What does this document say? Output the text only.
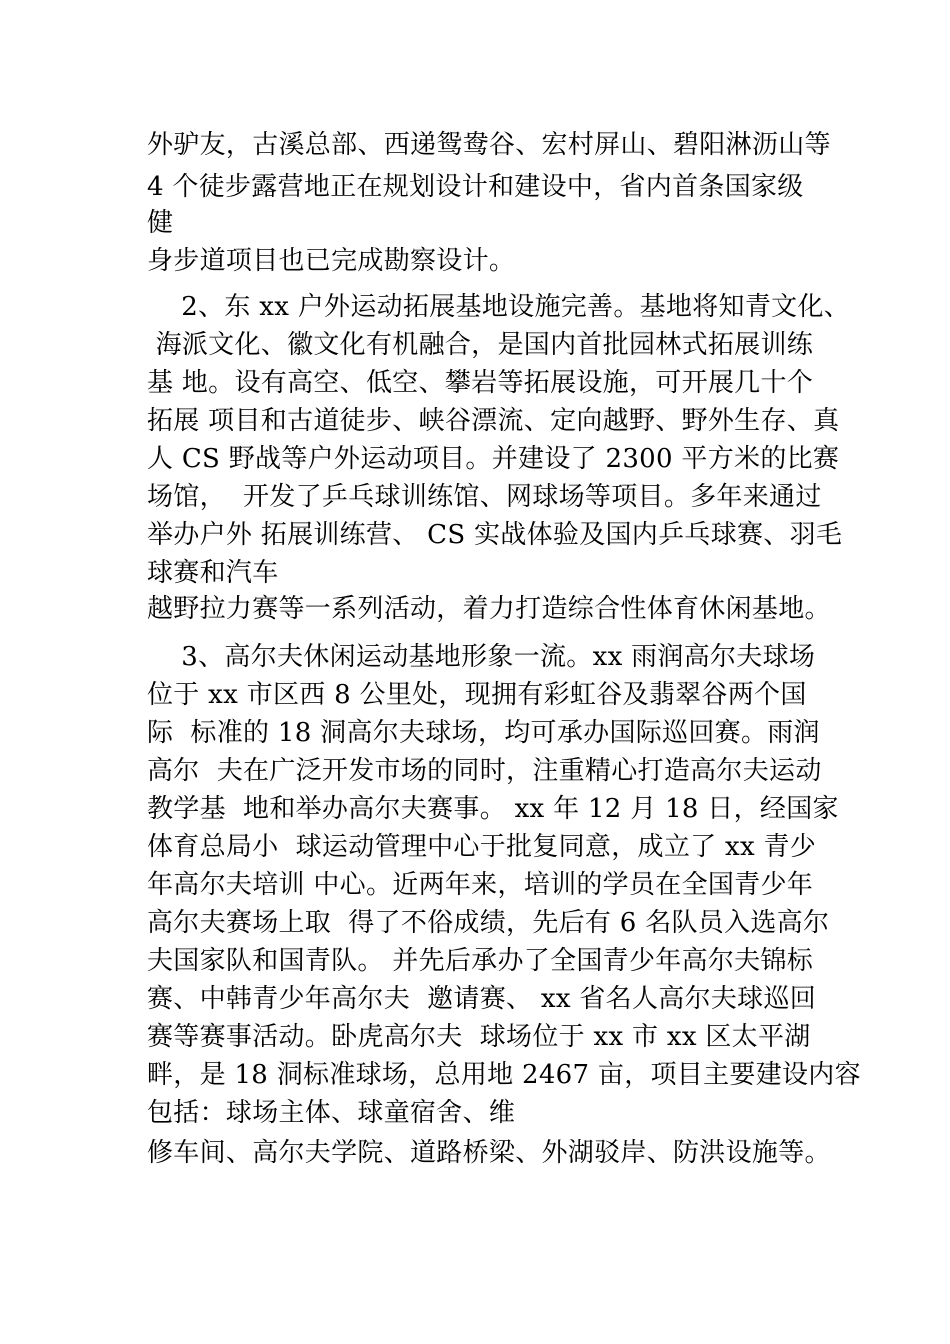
外驴友，古溪总部、西递鸳鸯谷、宏村屏山、碧阳淋沥山等
4 个徒步露营地正在规划设计和建设中，省内首条国家级
健
身步道项目也已完成勘察设计。
2、东 xx 户外运动拓展基地设施完善。基地将知青文化、
海派文化、徽文化有机融合，是国内首批园林式拓展训练
基 地。设有高空、低空、攀岩等拓展设施，可开展几十个
拓展 项目和古道徒步、峡谷漂流、定向越野、野外生存、真
人 CS 野战等户外运动项目。并建设了 2300 平方米的比赛
场馆，  开发了乒乓球训练馆、网球场等项目。多年来通过
举办户外 拓展训练营、 CS 实战体验及国内乒乓球赛、羽毛
球赛和汽车
越野拉力赛等一系列活动，着力打造综合性体育休闲基地。
3、高尔夫休闲运动基地形象一流。xx 雨润高尔夫球场
位于 xx 市区西 8 公里处，现拥有彩虹谷及翡翠谷两个国
际  标准的 18 洞高尔夫球场，均可承办国际巡回赛。雨润
高尔  夫在广泛开发市场的同时，注重精心打造高尔夫运动
教学基  地和举办高尔夫赛事。 xx 年 12 月 18 日，经国家
体育总局小  球运动管理中心于批复同意，成立了 xx 青少
年高尔夫培训 中心。近两年来，培训的学员在全国青少年
高尔夫赛场上取  得了不俗成绩，先后有 6 名队员入选高尔
夫国家队和国青队。 并先后承办了全国青少年高尔夫锦标
赛、中韩青少年高尔夫  邀请赛、 xx 省名人高尔夫球巡回
赛等赛事活动。卧虎高尔夫  球场位于 xx 市 xx 区太平湖
畔，是 18 洞标准球场，总用地 2467 亩，项目主要建设内容
包括：球场主体、球童宿舍、维
修车间、高尔夫学院、道路桥梁、外湖驳岸、防洪设施等。
